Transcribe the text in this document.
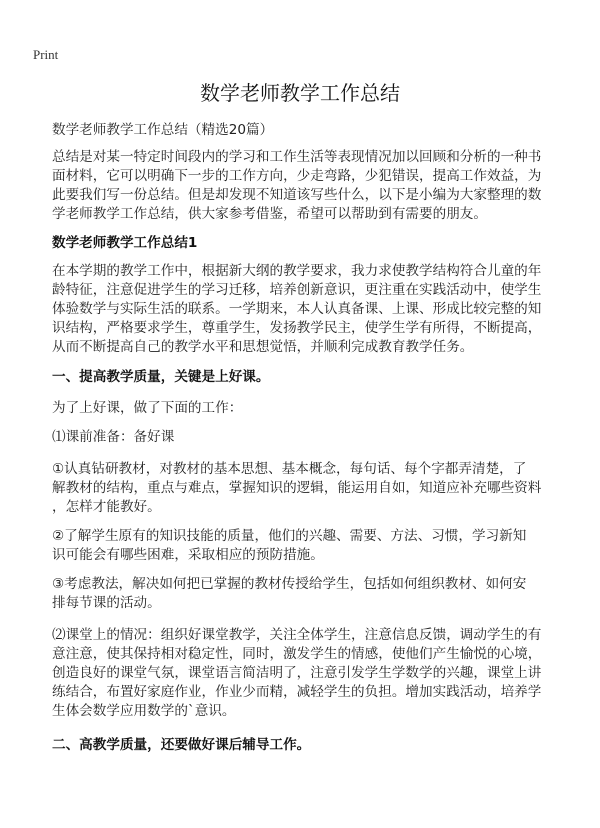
Print
数学老师教学工作总结
数学老师教学工作总结（精选20篇）
总结是对某一特定时间段内的学习和工作生活等表现情况加以回顾和分析的一种书
面材料，它可以明确下一步的工作方向，少走弯路，少犯错误，提高工作效益，为
此要我们写一份总结。但是却发现不知道该写些什么，以下是小编为大家整理的数
学老师教学工作总结，供大家参考借鉴，希望可以帮助到有需要的朋友。
数学老师教学工作总结1
在本学期的教学工作中，根据新大纲的教学要求，我力求使教学结构符合儿童的年
龄特征，注意促进学生的学习迁移，培养创新意识，更注重在实践活动中，使学生
体验数学与实际生活的联系。一学期来，本人认真备课、上课、形成比较完整的知
识结构，严格要求学生，尊重学生，发扬教学民主，使学生学有所得，不断提高，
从而不断提高自己的教学水平和思想觉悟，并顺利完成教育教学任务。
一、提高教学质量，关键是上好课。
为了上好课，做了下面的工作：
⑴课前准备：备好课
①认真钻研教材，对教材的基本思想、基本概念，每句话、每个字都弄清楚，了
解教材的结构，重点与难点，掌握知识的逻辑，能运用自如，知道应补充哪些资料
，怎样才能教好。
②了解学生原有的知识技能的质量，他们的兴趣、需要、方法、习惯，学习新知
识可能会有哪些困难，采取相应的预防措施。
③考虑教法，解决如何把已掌握的教材传授给学生，包括如何组织教材、如何安
排每节课的活动。
⑵课堂上的情况：组织好课堂教学，关注全体学生，注意信息反馈，调动学生的有
意注意，使其保持相对稳定性，同时，激发学生的情感，使他们产生愉悦的心境，
创造良好的课堂气氛，课堂语言简洁明了，注意引发学生学数学的兴趣，课堂上讲
练结合，布置好家庭作业，作业少而精，减轻学生的负担。增加实践活动，培养学
生体会数学应用数学的`意识。
二、高教学质量，还要做好课后辅导工作。
